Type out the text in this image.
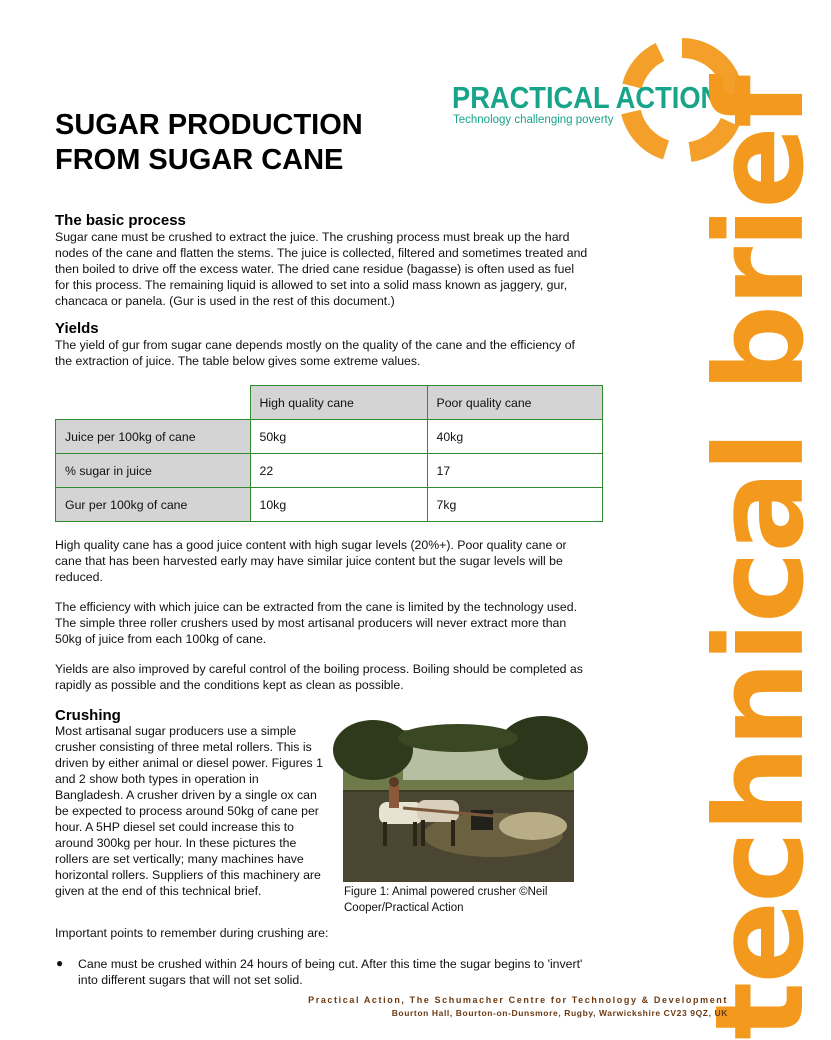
PRACTICAL ACTION
Technology challenging poverty technical brief
SUGAR PRODUCTION
FROM SUGAR CANE
The basic process
Sugar cane must be crushed to extract the juice. The crushing process must break up the hard nodes of the cane and flatten the stems. The juice is collected, filtered and sometimes treated and then boiled to drive off the excess water. The dried cane residue (bagasse) is often used as fuel for this process. The remaining liquid is allowed to set into a solid mass known as jaggery, gur, chancaca or panela. (Gur is used in the rest of this document.)
Yields
The yield of gur from sugar cane depends mostly on the quality of the cane and the efficiency of the extraction of juice. The table below gives some extreme values.
	High quality cane	Poor quality cane
Juice per 100kg of cane	50kg	40kg
% sugar in juice	22	17
Gur per 100kg of cane	10kg	7kg
High quality cane has a good juice content with high sugar levels (20%+). Poor quality cane or cane that has been harvested early may have similar juice content but the sugar levels will be reduced.
The efficiency with which juice can be extracted from the cane is limited by the technology used. The simple three roller crushers used by most artisanal producers will never extract more than 50kg of juice from each 100kg of cane.
Yields are also improved by careful control of the boiling process. Boiling should be completed as rapidly as possible and the conditions kept as clean as possible.
Crushing
Most artisanal sugar producers use a simple crusher consisting of three metal rollers. This is driven by either animal or diesel power. Figures 1 and 2 show both types in operation in Bangladesh. A crusher driven by a single ox can be expected to process around 50kg of cane per hour. A 5HP diesel set could increase this to around 300kg per hour. In these pictures the rollers are set vertically; many machines have horizontal rollers. Suppliers of this machinery are given at the end of this technical brief.	Figure 1: Animal powered crusher ©Neil Cooper/Practical Action
Important points to remember during crushing are:
● Cane must be crushed within 24 hours of being cut. After this time the sugar begins to 'invert' into different sugars that will not set solid.
Practical Action, The Schumacher Centre for Technology & Development
Bourton Hall, Bourton-on-Dunsmore, Rugby, Warwickshire CV23 9QZ, UK
